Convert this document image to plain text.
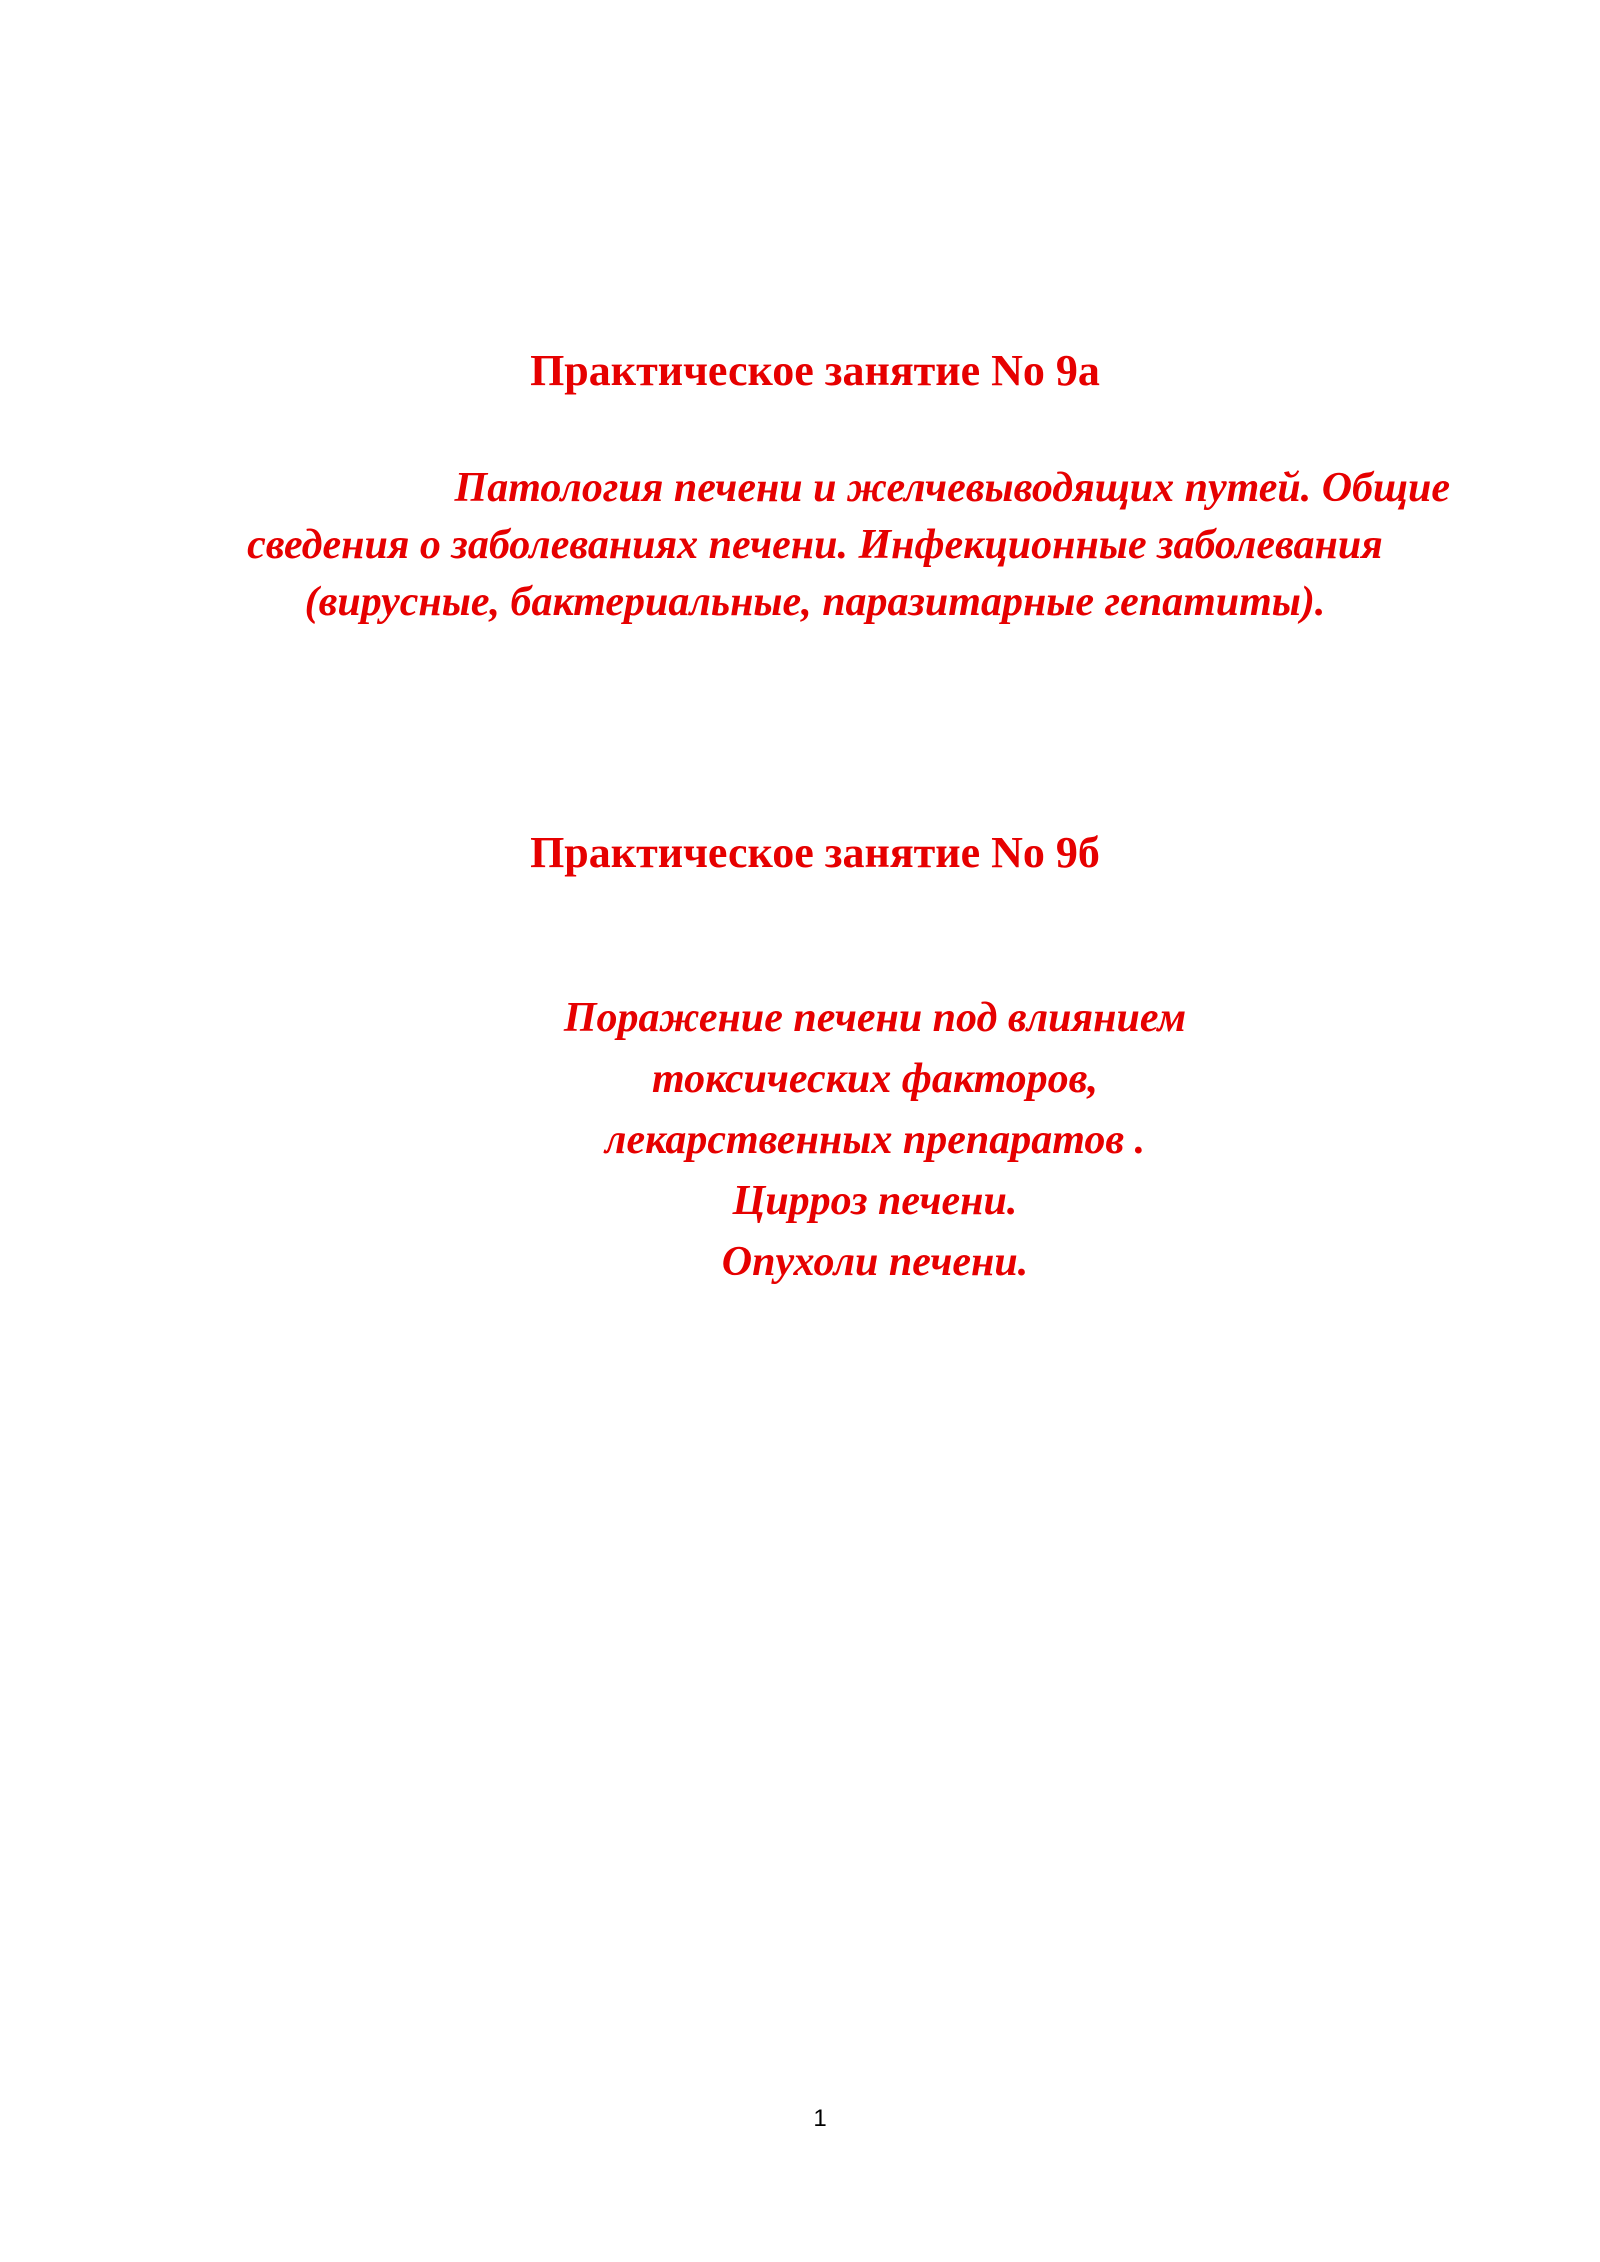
Практическое занятие No 9а
Патология печени и желчевыводящих путей. Общие
сведения о заболеваниях печени. Инфекционные заболевания
(вирусные, бактериальные, паразитарные гепатиты).
Практическое занятие No 9б
Поражение печени под влиянием
токсических факторов,
лекарственных препаратов .
Цирроз печени.
Опухоли печени.
1
